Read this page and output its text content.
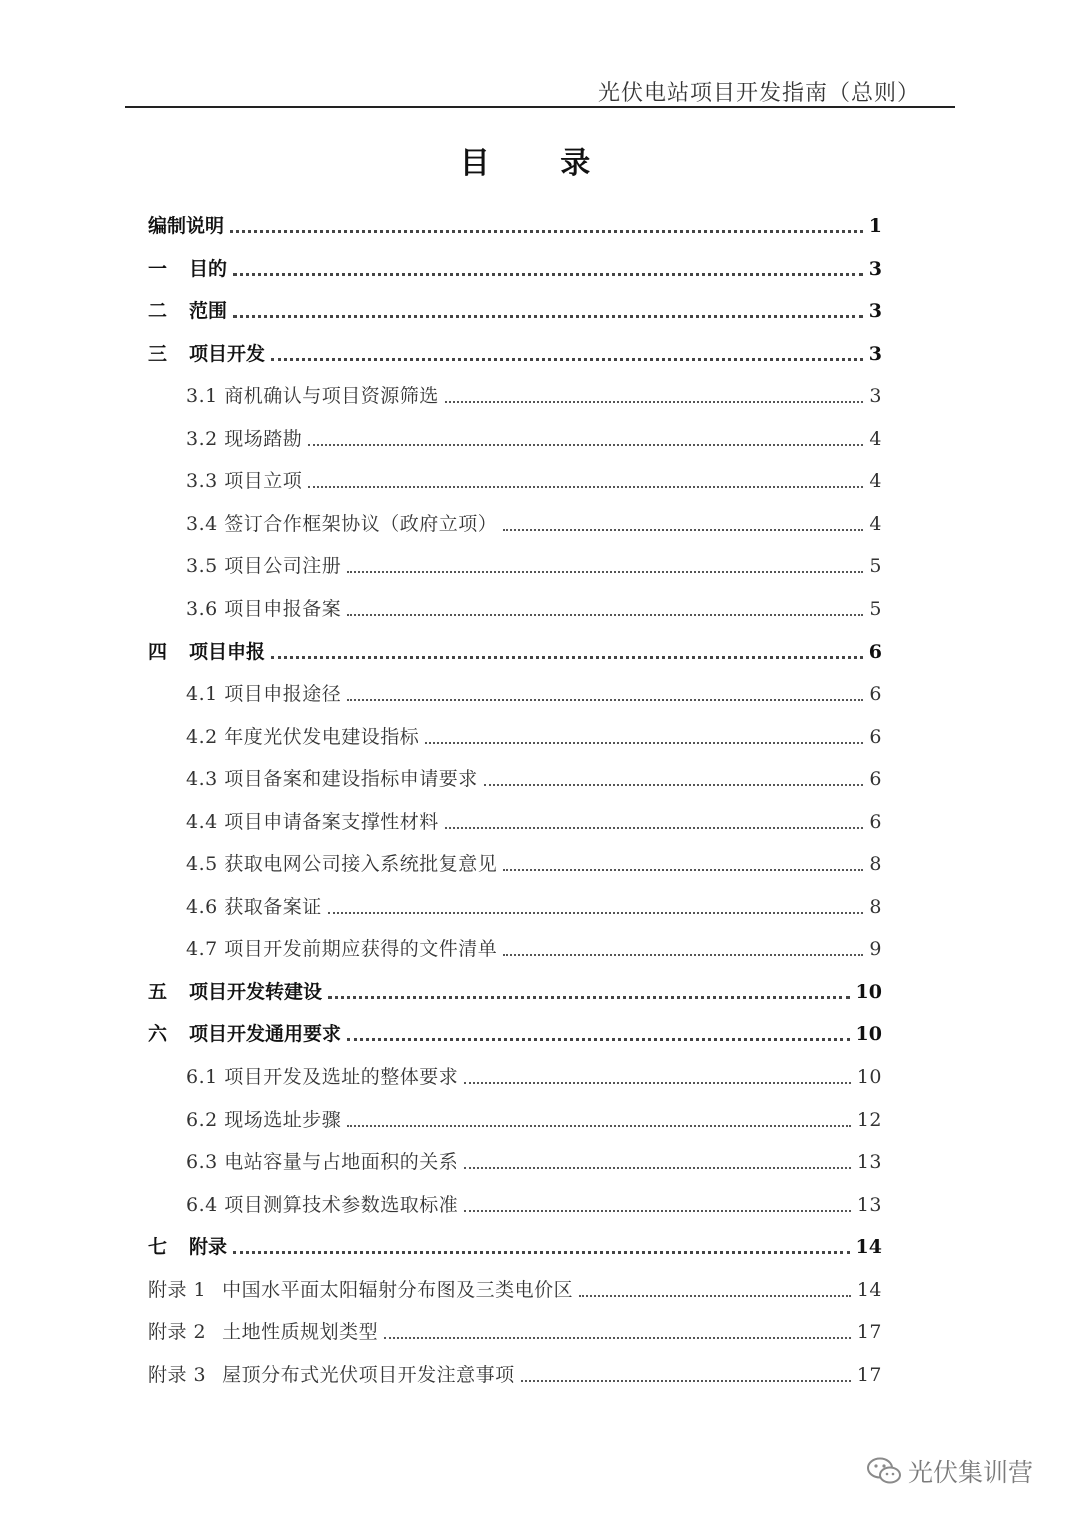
光伏电站项目开发指南（总则）
目 录
编制说明	1
一 目的	3
二 范围	3
三 项目开发	3
3.1 商机确认与项目资源筛选	3
3.2 现场踏勘	4
3.3 项目立项	4
3.4 签订合作框架协议（政府立项）	4
3.5 项目公司注册	5
3.6 项目申报备案	5
四 项目申报	6
4.1 项目申报途径	6
4.2 年度光伏发电建设指标	6
4.3 项目备案和建设指标申请要求	6
4.4 项目申请备案支撑性材料	6
4.5 获取电网公司接入系统批复意见	8
4.6 获取备案证	8
4.7 项目开发前期应获得的文件清单	9
五 项目开发转建设	10
六 项目开发通用要求	10
6.1 项目开发及选址的整体要求	10
6.2 现场选址步骤	12
6.3 电站容量与占地面积的关系	13
6.4 项目测算技术参数选取标准	13
七 附录	14
附录 1 中国水平面太阳辐射分布图及三类电价区	14
附录 2 土地性质规划类型	17
附录 3 屋顶分布式光伏项目开发注意事项	17
光伏集训营
